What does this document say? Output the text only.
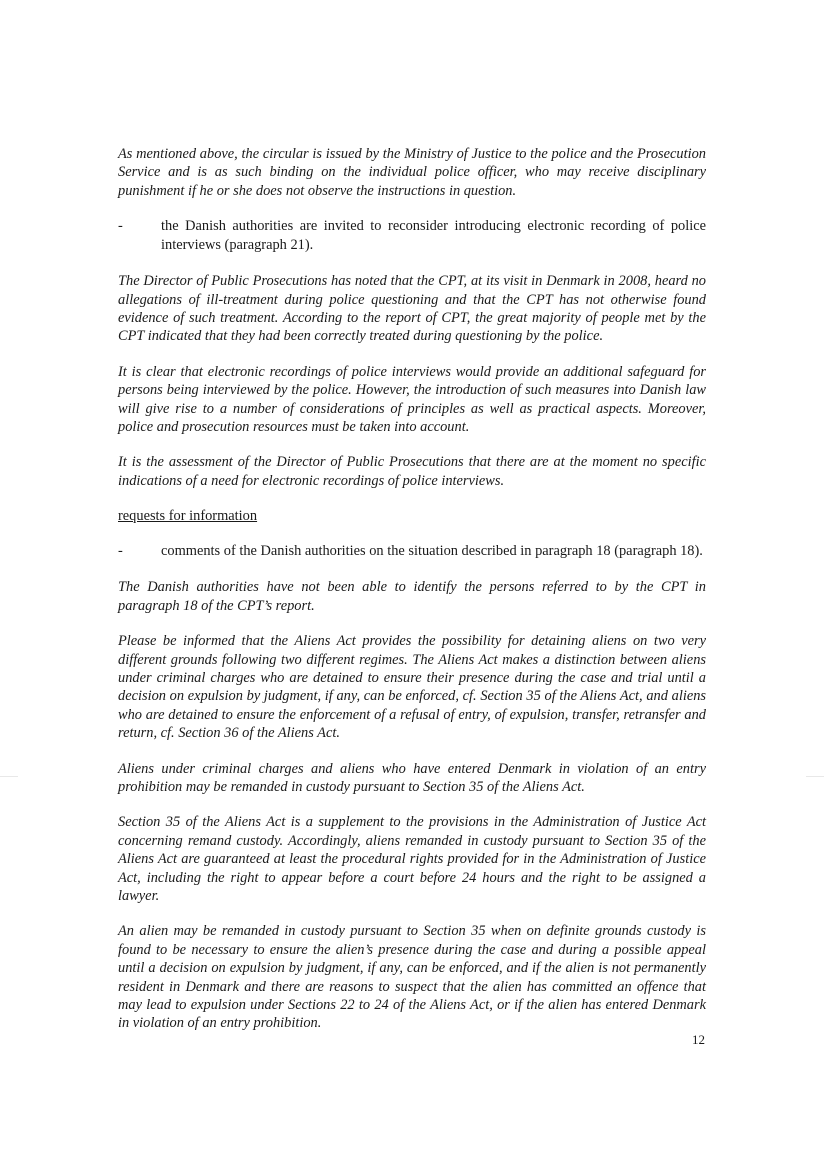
As mentioned above, the circular is issued by the Ministry of Justice to the police and the Prosecution Service and is as such binding on the individual police officer, who may receive disciplinary punishment if he or she does not observe the instructions in question.

-	the Danish authorities are invited to reconsider introducing electronic recording of police interviews (paragraph 21).

The Director of Public Prosecutions has noted that the CPT, at its visit in Denmark in 2008, heard no allegations of ill-treatment during police questioning and that the CPT has not otherwise found evidence of such treatment. According to the report of CPT, the great majority of people met by the CPT indicated that they had been correctly treated during questioning by the police.

It is clear that electronic recordings of police interviews would provide an additional safeguard for persons being interviewed by the police. However, the introduction of such measures into Danish law will give rise to a number of considerations of principles as well as practical aspects. Moreover, police and prosecution resources must be taken into account.

It is the assessment of the Director of Public Prosecutions that there are at the moment no specific indications of a need for electronic recordings of police interviews.

requests for information

-	comments of the Danish authorities on the situation described in paragraph 18 (paragraph 18).

The Danish authorities have not been able to identify the persons referred to by the CPT in paragraph 18 of the CPT’s report.

Please be informed that the Aliens Act provides the possibility for detaining aliens on two very different grounds following two different regimes. The Aliens Act makes a distinction between aliens under criminal charges who are detained to ensure their presence during the case and trial until a decision on expulsion by judgment, if any, can be enforced, cf. Section 35 of the Aliens Act, and aliens who are detained to ensure the enforcement of a refusal of entry, of expulsion, transfer, retransfer and return, cf. Section 36 of the Aliens Act.

Aliens under criminal charges and aliens who have entered Denmark in violation of an entry prohibition may be remanded in custody pursuant to Section 35 of the Aliens Act.

Section 35 of the Aliens Act is a supplement to the provisions in the Administration of Justice Act concerning remand custody. Accordingly, aliens remanded in custody pursuant to Section 35 of the Aliens Act are guaranteed at least the procedural rights provided for in the Administration of Justice Act, including the right to appear before a court before 24 hours and the right to be assigned a lawyer.

An alien may be remanded in custody pursuant to Section 35 when on definite grounds custody is found to be necessary to ensure the alien’s presence during the case and during a possible appeal until a decision on expulsion by judgment, if any, can be enforced, and if the alien is not permanently resident in Denmark and there are reasons to suspect that the alien has committed an offence that may lead to expulsion under Sections 22 to 24 of the Aliens Act, or if the alien has entered Denmark in violation of an entry prohibition.

12
